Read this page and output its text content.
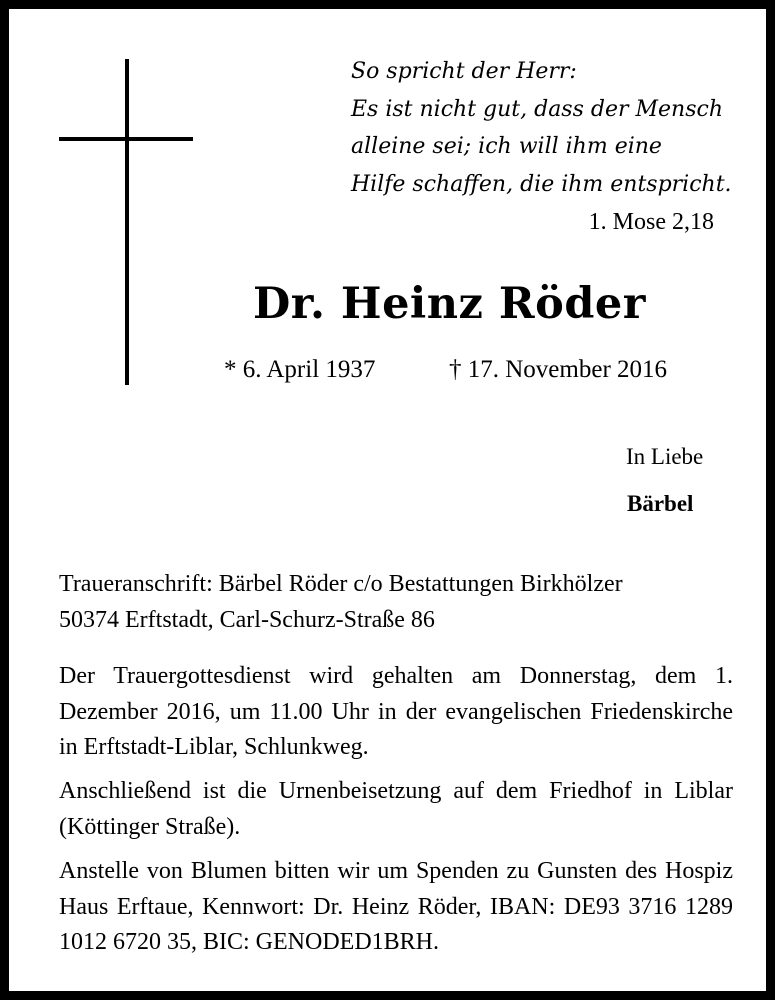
So spricht der Herr:
Es ist nicht gut, dass der Mensch
alleine sei; ich will ihm eine
Hilfe schaffen, die ihm entspricht.
1. Mose 2,18
Dr. Heinz Röder
* 6. April 1937	† 17. November 2016
In Liebe
Bärbel
Traueranschrift: Bärbel Röder c/o Bestattungen Birkhölzer
50374 Erftstadt, Carl-Schurz-Straße 86
Der Trauergottesdienst wird gehalten am Donnerstag, dem 1. Dezember 2016, um 11.00 Uhr in der evangelischen Friedenskirche in Erftstadt-Liblar, Schlunkweg.
Anschließend ist die Urnenbeisetzung auf dem Friedhof in Liblar (Köttinger Straße).
Anstelle von Blumen bitten wir um Spenden zu Gunsten des Hospiz Haus Erftaue, Kennwort: Dr. Heinz Röder, IBAN: DE93 3716 1289 1012 6720 35, BIC: GENODED1BRH.
